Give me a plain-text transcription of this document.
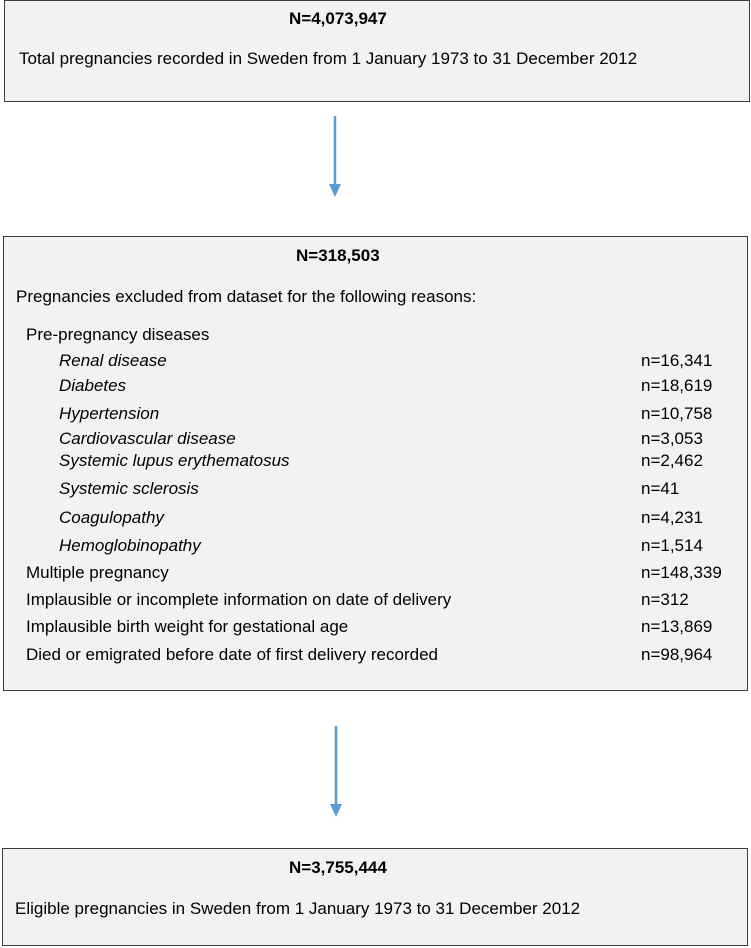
N=4,073,947
Total pregnancies recorded in Sweden from 1 January 1973 to 31 December 2012
N=318,503
Pregnancies excluded from dataset for the following reasons:
Pre-pregnancy diseases
Renal disease	n=16,341
Diabetes	n=18,619
Hypertension	n=10,758
Cardiovascular disease	n=3,053
Systemic lupus erythematosus	n=2,462
Systemic sclerosis	n=41
Coagulopathy	n=4,231
Hemoglobinopathy	n=1,514
Multiple pregnancy	n=148,339
Implausible or incomplete information on date of delivery	n=312
Implausible birth weight for gestational age	n=13,869
Died or emigrated before date of first delivery recorded	n=98,964
N=3,755,444
Eligible pregnancies in Sweden from 1 January 1973 to 31 December 2012
